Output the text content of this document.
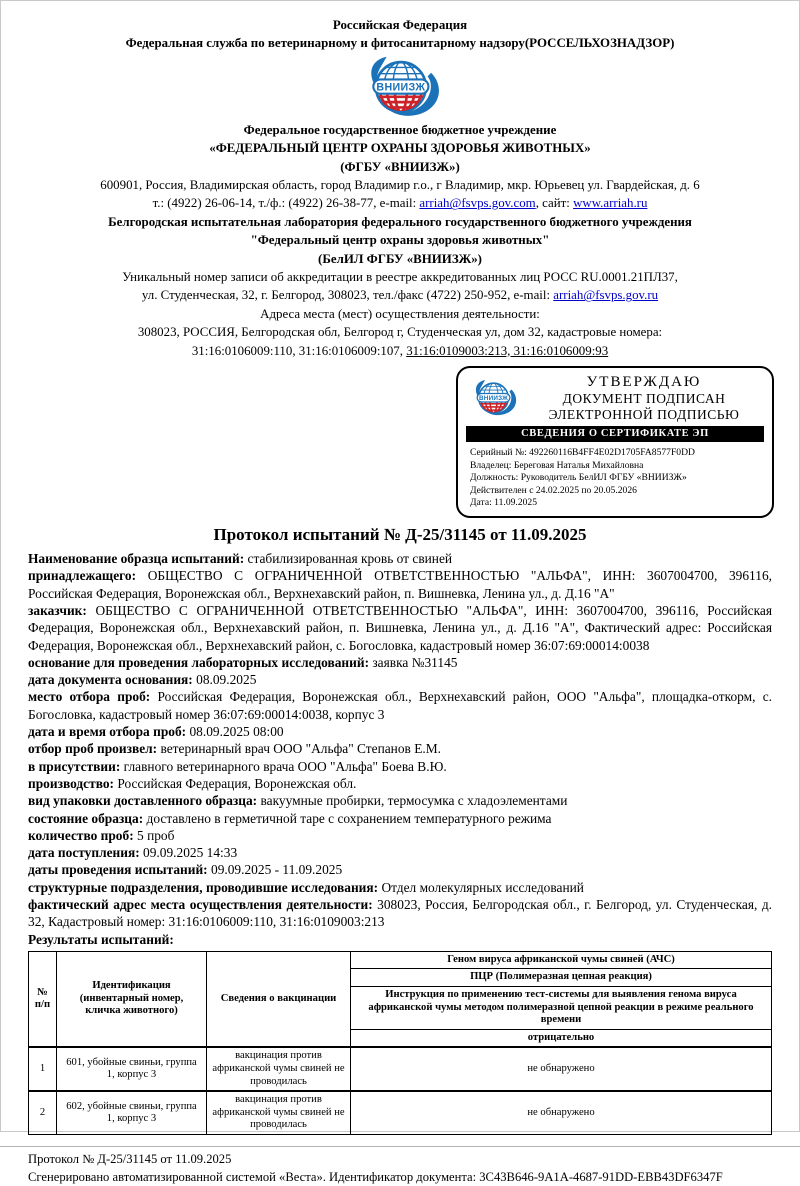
Российская Федерация

Федеральная служба по ветеринарному и фитосанитарному надзору(РОССЕЛЬХОЗНАДЗОР)

Федеральное государственное бюджетное учреждение

«ФЕДЕРАЛЬНЫЙ ЦЕНТР ОХРАНЫ ЗДОРОВЬЯ ЖИВОТНЫХ»

(ФГБУ «ВНИИЗЖ»)

600901, Россия, Владимирская область, город Владимир г.о., г Владимир, мкр. Юрьевец ул. Гвардейская, д. 6

т.: (4922) 26-06-14, т./ф.: (4922) 26-38-77, e-mail: arriah@fsvps.gov.com, сайт: www.arriah.ru

Белгородская испытательная лаборатория федерального государственного бюджетного учреждения

"Федеральный центр охраны здоровья животных"

(БелИЛ ФГБУ «ВНИИЗЖ»)

Уникальный номер записи об аккредитации в реестре аккредитованных лиц РОСС RU.0001.21ПЛ37,

ул. Студенческая, 32, г. Белгород, 308023, тел./факс (4722) 250-952, e-mail: arriah@fsvps.gov.ru

Адреса места (мест) осуществления деятельности:

308023, РОССИЯ, Белгородская обл, Белгород г, Студенческая ул, дом 32, кадастровые номера:

31:16:0106009:110, 31:16:0106009:107, 31:16:0109003:213, 31:16:0106009:93

УТВЕРЖДАЮ
ДОКУМЕНТ ПОДПИСАН
ЭЛЕКТРОННОЙ ПОДПИСЬЮ
СВЕДЕНИЯ О СЕРТИФИКАТЕ ЭП
Серийный №: 492260116B4FF4E02D1705FA8577F0DD
Владелец: Береговая Наталья Михайловна
Должность: Руководитель БелИЛ ФГБУ «ВНИИЗЖ»
Действителен с 24.02.2025 по 20.05.2026
Дата: 11.09.2025
Протокол испытаний № Д-25/31145 от 11.09.2025

Наименование образца испытаний: стабилизированная кровь от свиней

принадлежащего: ОБЩЕСТВО С ОГРАНИЧЕННОЙ ОТВЕТСТВЕННОСТЬЮ "АЛЬФА", ИНН: 3607004700, 396116, Российская Федерация, Воронежская обл., Верхнехавский район, п. Вишневка, Ленина ул., д. Д.16 "А"

заказчик: ОБЩЕСТВО С ОГРАНИЧЕННОЙ ОТВЕТСТВЕННОСТЬЮ "АЛЬФА", ИНН: 3607004700, 396116, Российская Федерация, Воронежская обл., Верхнехавский район, п. Вишневка, Ленина ул., д. Д.16 "А", Фактический адрес: Российская Федерация, Воронежская обл., Верхнехавский район, с. Богословка, кадастровый номер 36:07:69:00014:0038

основание для проведения лабораторных исследований: заявка №31145

дата документа основания: 08.09.2025

место отбора проб: Российская Федерация, Воронежская обл., Верхнехавский район, ООО "Альфа", площадка-откорм, с. Богословка, кадастровый номер 36:07:69:00014:0038, корпус 3

дата и время отбора проб: 08.09.2025 08:00

отбор проб произвел: ветеринарный врач ООО "Альфа" Степанов Е.М.

в присутствии: главного ветеринарного врача ООО "Альфа" Боева В.Ю.

производство: Российская Федерация, Воронежская обл.

вид упаковки доставленного образца: вакуумные пробирки, термосумка с хладоэлементами

состояние образца: доставлено в герметичной таре с сохранением температурного режима

количество проб: 5 проб

дата поступления: 09.09.2025 14:33

даты проведения испытаний: 09.09.2025 - 11.09.2025

структурные подразделения, проводившие исследования: Отдел молекулярных исследований

фактический адрес места осуществления деятельности: 308023, Россия, Белгородская обл., г. Белгород, ул. Студенческая, д. 32, Кадастровый номер: 31:16:0106009:110, 31:16:0109003:213

Результаты испытаний:

№ п/п	Идентификация (инвентарный номер, кличка животного)	Сведения о вакцинации	Геном вируса африканской чумы свиней (АЧС)
			ПЦР (Полимеразная цепная реакция)
			Инструкция по применению тест-системы для выявления генома вируса африканской чумы методом полимеразной цепной реакции в режиме реального времени
			отрицательно
1	601, убойные свиньи, группа 1, корпус 3	вакцинация против африканской чумы свиней не проводилась	не обнаружено
2	602, убойные свиньи, группа 1, корпус 3	вакцинация против африканской чумы свиней не проводилась	не обнаружено

Протокол № Д-25/31145 от 11.09.2025

Сгенерировано автоматизированной системой «Веста». Идентификатор документа: 3C43B646-9A1A-4687-91DD-EBB43DF6347F
